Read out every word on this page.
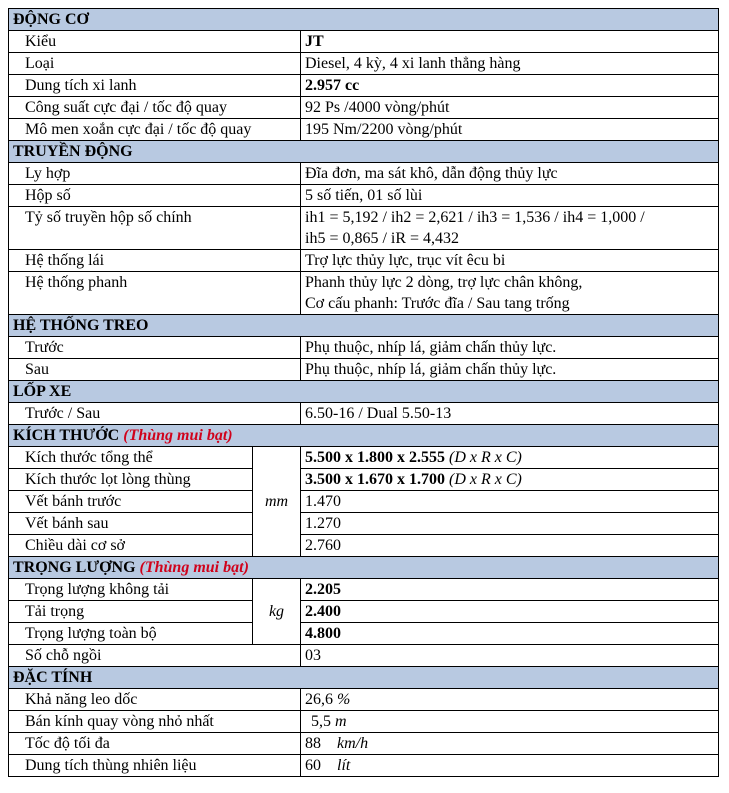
ĐỘNG CƠ		
Kiểu		JT
Loại		Diesel, 4 kỳ, 4 xi lanh thẳng hàng
Dung tích xi lanh		2.957 cc
Công suất cực đại / tốc độ quay		92 Ps /4000 vòng/phút
Mô men xoắn cực đại / tốc độ quay		195 Nm/2200 vòng/phút
TRUYỀN ĐỘNG		
Ly hợp		Đĩa đơn, ma sát khô, dẫn động thủy lực
Hộp số		5 số tiến, 01 số lùi
Tỷ số truyền hộp số chính		ih1 = 5,192 / ih2 = 2,621 / ih3 = 1,536 / ih4 = 1,000 /
ih5 = 0,865 / iR = 4,432

Hệ thống lái		Trợ lực thủy lực, trục vít êcu bi
Hệ thống phanh		Phanh thủy lực 2 dòng, trợ lực chân không,
Cơ cấu phanh: Trước đĩa / Sau tang trống

HỆ THỐNG TREO		
Trước		Phụ thuộc, nhíp lá, giảm chấn thủy lực.
Sau		Phụ thuộc, nhíp lá, giảm chấn thủy lực.
LỐP XE		
Trước / Sau		6.50-16 / Dual 5.50-13
KÍCH THƯỚC (Thùng mui bạt)		
Kích thước tổng thể	mm	5.500 x 1.800 x 2.555 (D x R x C)
Kích thước lọt lòng thùng		3.500 x 1.670 x 1.700 (D x R x C)
Vết bánh trước		1.470
Vết bánh sau		1.270
Chiều dài cơ sở		2.760
TRỌNG LƯỢNG (Thùng mui bạt)		
Trọng lượng không tải	kg	2.205
Tải trọng		2.400
Trọng lượng toàn bộ		4.800
Số chỗ ngồi		03
ĐẶC TÍNH		
Khả năng leo dốc		26,6 %
Bán kính quay vòng nhỏ nhất		5,5 m
Tốc độ tối đa		88 km/h
Dung tích thùng nhiên liệu		60 lít
